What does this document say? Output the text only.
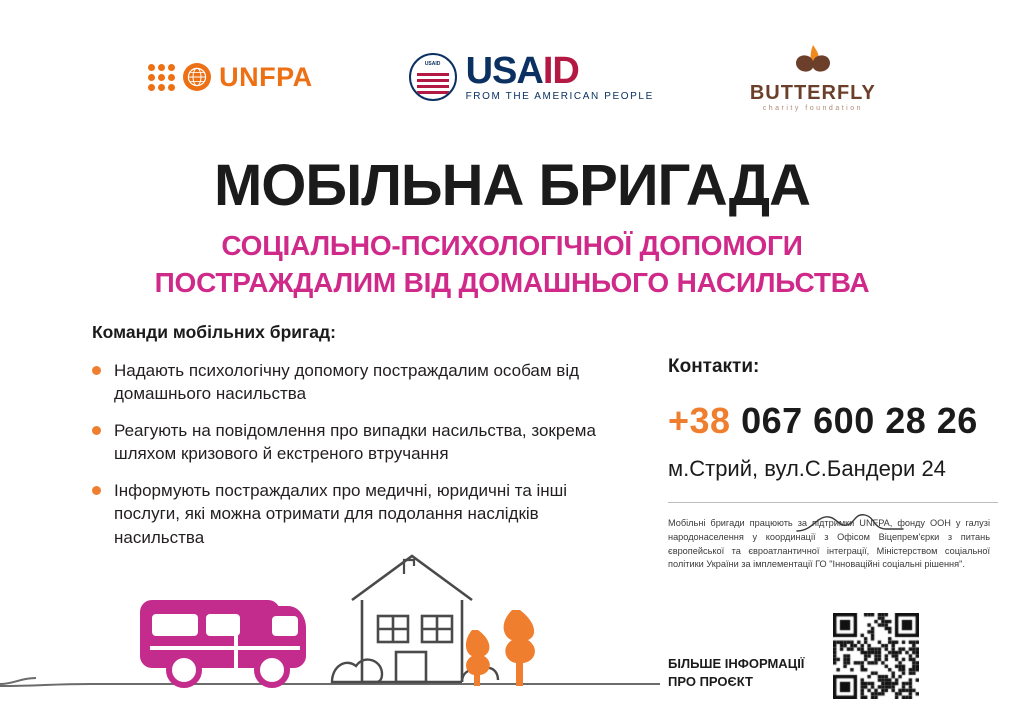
UNFPA	USAID USAID
FROM THE AMERICAN PEOPLE	BUTTERFLY
charity foundation
МОБІЛЬНА БРИГАДА
СОЦІАЛЬНО-ПСИХОЛОГІЧНОЇ ДОПОМОГИ
ПОСТРАЖДАЛИМ ВІД ДОМАШНЬОГО НАСИЛЬСТВА
Команди мобільних бригад:
Надають психологічну допомогу постраждалим особам від домашнього насильства
Реагують на повідомлення про випадки насильства, зокрема шляхом кризового й екстреного втручання
Інформують постраждалих про медичні, юридичні та інші послуги, які можна отримати для подолання наслідків насильства
Контакти:
+38 067 600 28 26
м.Стрий, вул.С.Бандери 24
Мобільні бригади працюють за підтримки UNFPA, фонду ООН у галузі народонаселення у координації з Офісом Віцепрем'єрки з питань європейської та євроатлантичної інтеграції, Міністерством соціальної політики України за імплементації ГО "Інноваційні соціальні рішення".
БІЛЬШЕ ІНФОРМАЦІЇ
ПРО ПРОЄКТ
